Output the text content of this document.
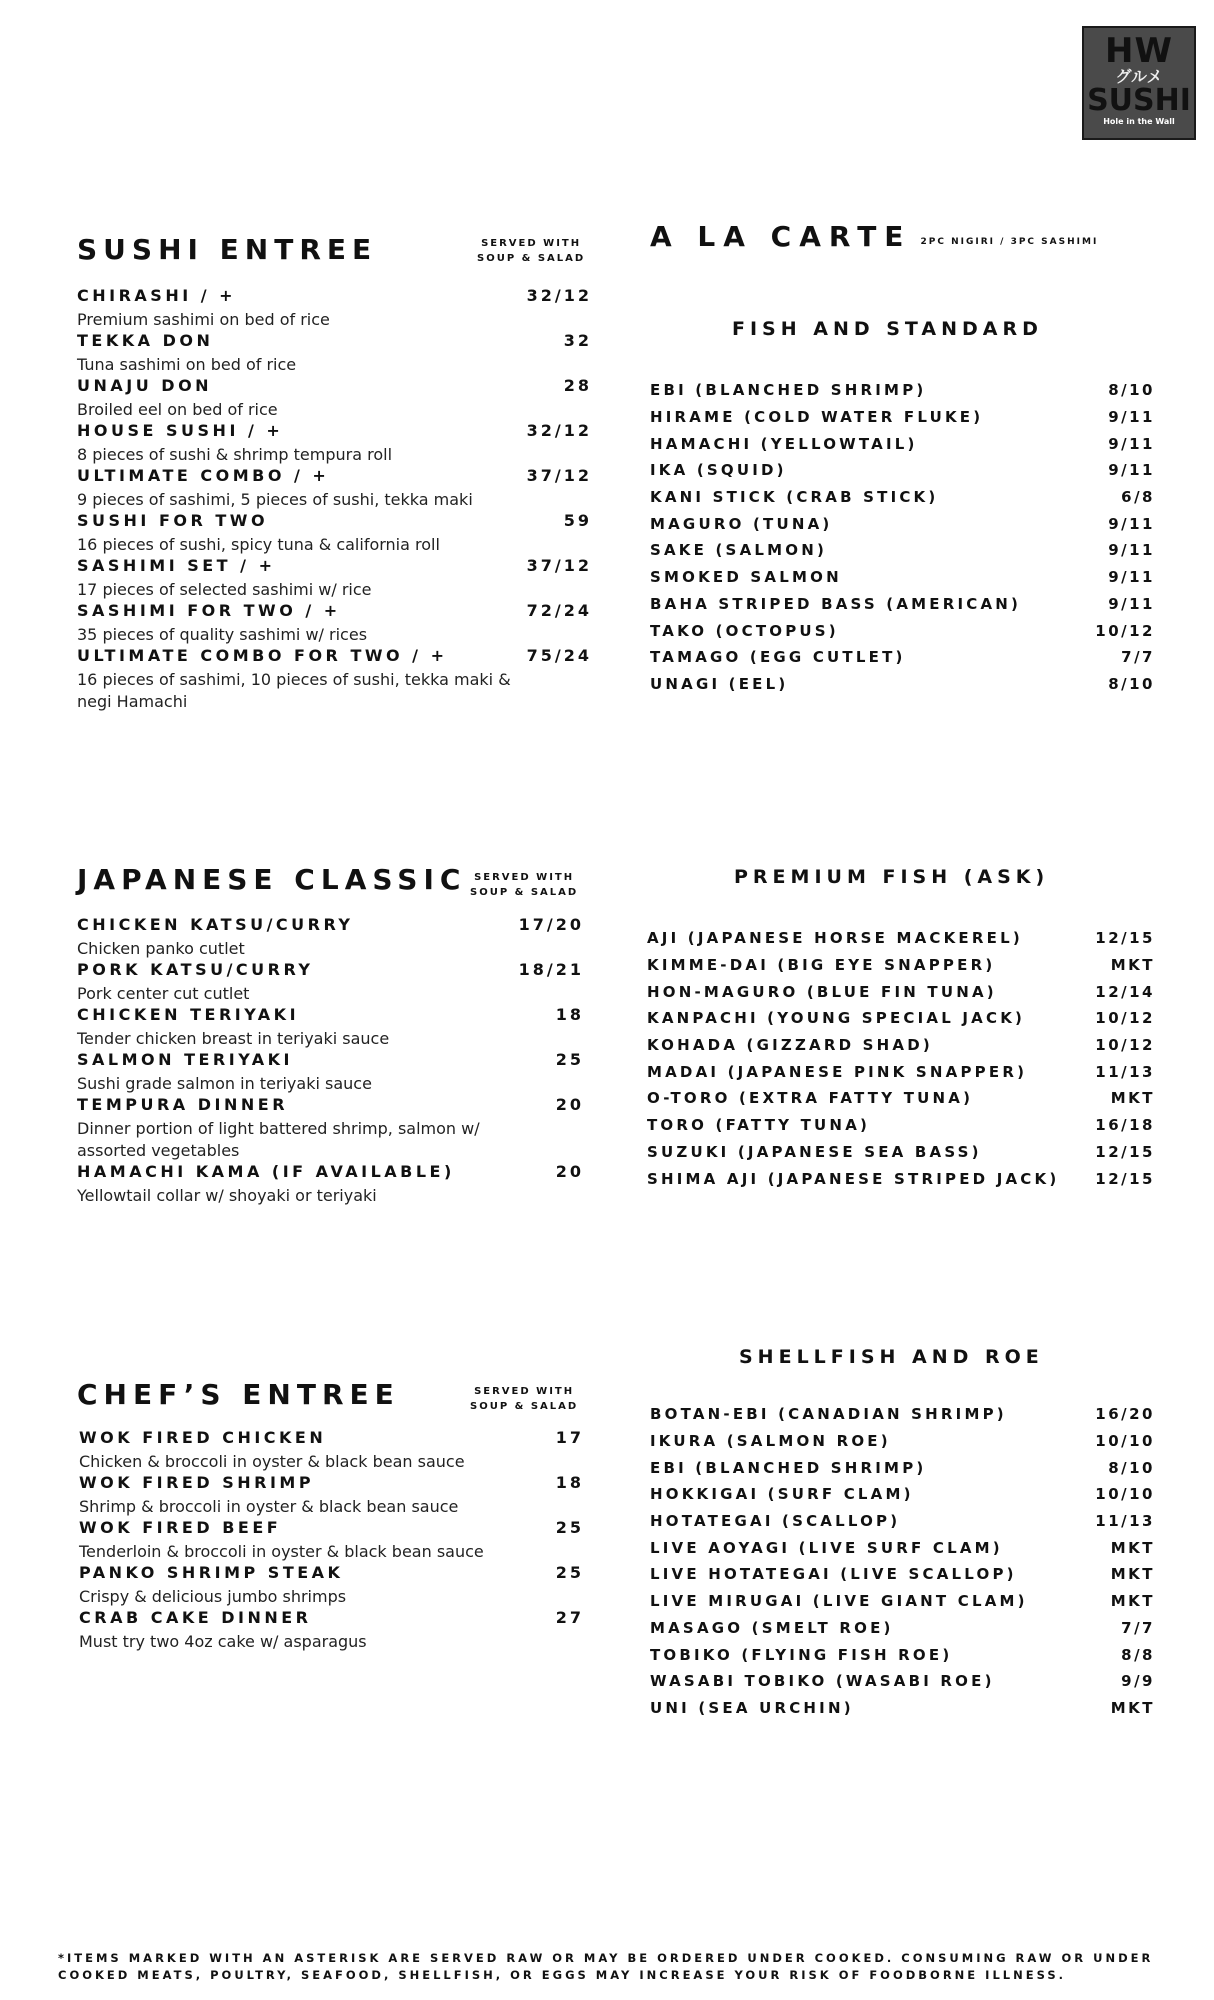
HW
グルメ
SUSHI
Hole in the Wall
SUSHI ENTREE	SERVED WITH
SOUP & SALAD
CHIRASHI / +	32/12
Premium sashimi on bed of rice
TEKKA DON	32
Tuna sashimi on bed of rice
UNAJU DON	28
Broiled eel on bed of rice
HOUSE SUSHI / +	32/12
8 pieces of sushi & shrimp tempura roll
ULTIMATE COMBO / +	37/12
9 pieces of sashimi, 5 pieces of sushi, tekka maki
SUSHI FOR TWO	59
16 pieces of sushi, spicy tuna & california roll
SASHIMI SET / +	37/12
17 pieces of selected sashimi w/ rice
SASHIMI FOR TWO / +	72/24
35 pieces of quality sashimi w/ rices
ULTIMATE COMBO FOR TWO / +	75/24
16 pieces of sashimi, 10 pieces of sushi, tekka maki & negi Hamachi
JAPANESE CLASSIC SERVED WITH
SOUP & SALAD
CHICKEN KATSU/CURRY	17/20
Chicken panko cutlet
PORK KATSU/CURRY	18/21
Pork center cut cutlet
CHICKEN TERIYAKI	18
Tender chicken breast in teriyaki sauce
SALMON TERIYAKI	25
Sushi grade salmon in teriyaki sauce
TEMPURA DINNER	20
Dinner portion of light battered shrimp, salmon w/ assorted vegetables
HAMACHI KAMA (IF AVAILABLE)	20
Yellowtail collar w/ shoyaki or teriyaki
CHEF’S ENTREE	SERVED WITH
SOUP & SALAD
WOK FIRED CHICKEN	17
Chicken & broccoli in oyster & black bean sauce
WOK FIRED SHRIMP	18
Shrimp & broccoli in oyster & black bean sauce
WOK FIRED BEEF	25
Tenderloin & broccoli in oyster & black bean sauce
PANKO SHRIMP STEAK	25
Crispy & delicious jumbo shrimps
CRAB CAKE DINNER	27
Must try two 4oz cake w/ asparagus
A LA CARTE 2PC NIGIRI / 3PC SASHIMI
FISH AND STANDARD
EBI (BLANCHED SHRIMP)	8/10
HIRAME (COLD WATER FLUKE)	9/11
HAMACHI (YELLOWTAIL)	9/11
IKA (SQUID)	9/11
KANI STICK (CRAB STICK)	6/8
MAGURO (TUNA)	9/11
SAKE (SALMON)	9/11
SMOKED SALMON	9/11
BAHA STRIPED BASS (AMERICAN)	9/11
TAKO (OCTOPUS)	10/12
TAMAGO (EGG CUTLET)	7/7
UNAGI (EEL)	8/10
PREMIUM FISH (ASK)
AJI (JAPANESE HORSE MACKEREL)	12/15
KIMME-DAI (BIG EYE SNAPPER)	MKT
HON-MAGURO (BLUE FIN TUNA)	12/14
KANPACHI (YOUNG SPECIAL JACK)	10/12
KOHADA (GIZZARD SHAD)	10/12
MADAI (JAPANESE PINK SNAPPER)	11/13
O-TORO (EXTRA FATTY TUNA)	MKT
TORO (FATTY TUNA)	16/18
SUZUKI (JAPANESE SEA BASS)	12/15
SHIMA AJI (JAPANESE STRIPED JACK) 12/15
SHELLFISH AND ROE
BOTAN-EBI (CANADIAN SHRIMP)	16/20
IKURA (SALMON ROE)	10/10
EBI (BLANCHED SHRIMP)	8/10
HOKKIGAI (SURF CLAM)	10/10
HOTATEGAI (SCALLOP)	11/13
LIVE AOYAGI (LIVE SURF CLAM)	MKT
LIVE HOTATEGAI (LIVE SCALLOP)	MKT
LIVE MIRUGAI (LIVE GIANT CLAM)	MKT
MASAGO (SMELT ROE)	7/7
TOBIKO (FLYING FISH ROE)	8/8
WASABI TOBIKO (WASABI ROE)	9/9
UNI (SEA URCHIN)	MKT
*ITEMS MARKED WITH AN ASTERISK ARE SERVED RAW OR MAY BE ORDERED UNDER COOKED. CONSUMING RAW OR UNDER COOKED MEATS, POULTRY, SEAFOOD, SHELLFISH, OR EGGS MAY INCREASE YOUR RISK OF FOODBORNE ILLNESS.
